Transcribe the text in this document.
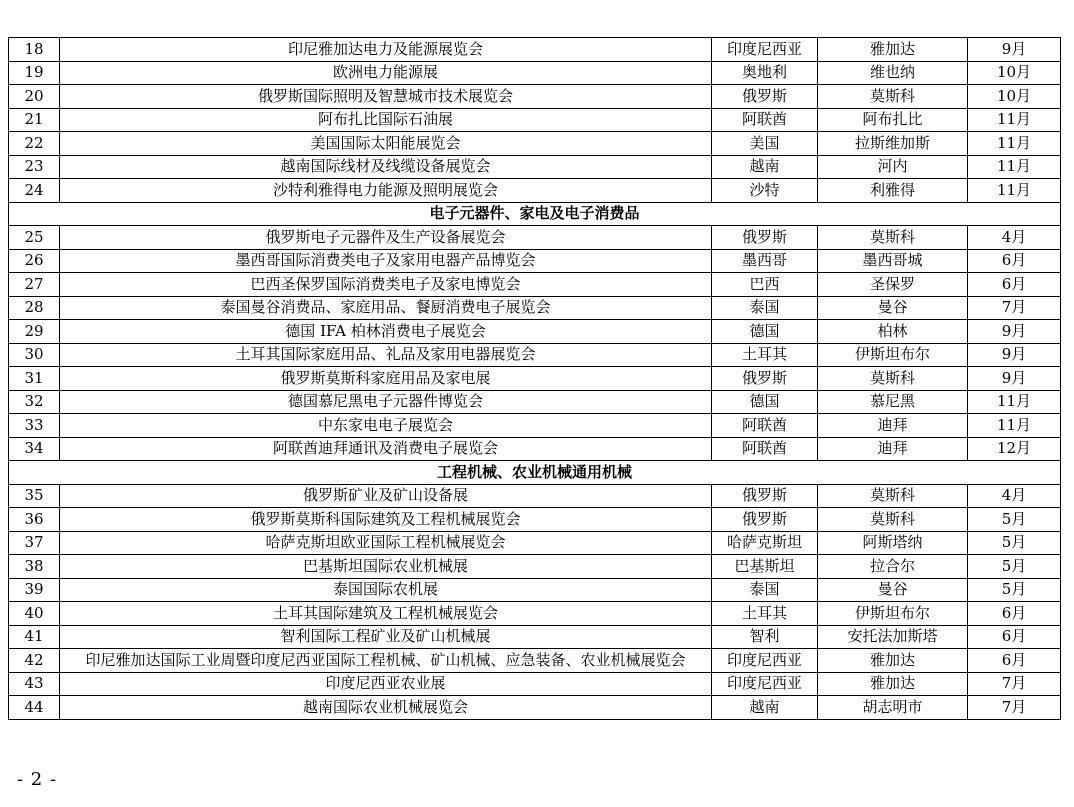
18	印尼雅加达电力及能源展览会	印度尼西亚	雅加达	9月
19	欧洲电力能源展	奥地利	维也纳	10月
20	俄罗斯国际照明及智慧城市技术展览会	俄罗斯	莫斯科	10月
21	阿布扎比国际石油展	阿联酋	阿布扎比	11月
22	美国国际太阳能展览会	美国	拉斯维加斯	11月
23	越南国际线材及线缆设备展览会	越南	河内	11月
24	沙特利雅得电力能源及照明展览会	沙特	利雅得	11月
电子元器件、家电及电子消费品				
25	俄罗斯电子元器件及生产设备展览会	俄罗斯	莫斯科	4月
26	墨西哥国际消费类电子及家用电器产品博览会	墨西哥	墨西哥城	6月
27	巴西圣保罗国际消费类电子及家电博览会	巴西	圣保罗	6月
28	泰国曼谷消费品、家庭用品、餐厨消费电子展览会	泰国	曼谷	7月
29	德国 IFA 柏林消费电子展览会	德国	柏林	9月
30	土耳其国际家庭用品、礼品及家用电器展览会	土耳其	伊斯坦布尔	9月
31	俄罗斯莫斯科家庭用品及家电展	俄罗斯	莫斯科	9月
32	德国慕尼黑电子元器件博览会	德国	慕尼黑	11月
33	中东家电电子展览会	阿联酋	迪拜	11月
34	阿联酋迪拜通讯及消费电子展览会	阿联酋	迪拜	12月
工程机械、农业机械通用机械				
35	俄罗斯矿业及矿山设备展	俄罗斯	莫斯科	4月
36	俄罗斯莫斯科国际建筑及工程机械展览会	俄罗斯	莫斯科	5月
37	哈萨克斯坦欧亚国际工程机械展览会	哈萨克斯坦	阿斯塔纳	5月
38	巴基斯坦国际农业机械展	巴基斯坦	拉合尔	5月
39	泰国国际农机展	泰国	曼谷	5月
40	土耳其国际建筑及工程机械展览会	土耳其	伊斯坦布尔	6月
41	智利国际工程矿业及矿山机械展	智利	安托法加斯塔	6月
42	印尼雅加达国际工业周暨印度尼西亚国际工程机械、矿山机械、应急装备、农业机械展览会	印度尼西亚	雅加达	6月
43	印度尼西亚农业展	印度尼西亚	雅加达	7月
44	越南国际农业机械展览会	越南	胡志明市	7月
- 2 -
